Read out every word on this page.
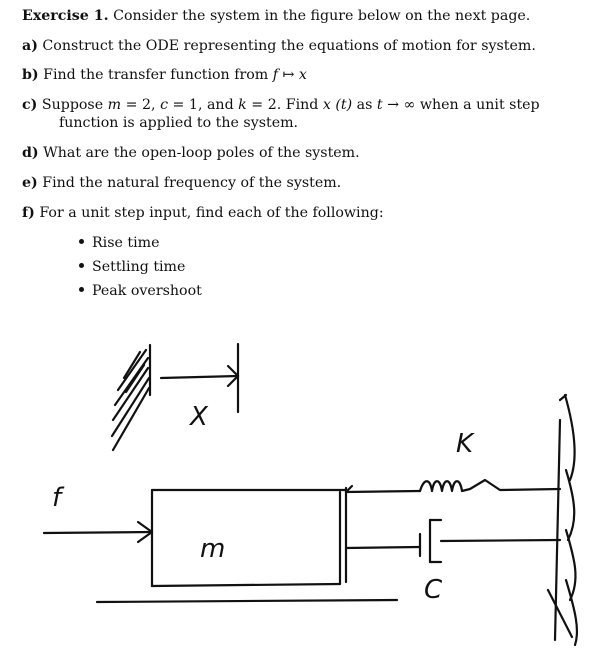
Exercise 1. Consider the system in the figure below on the next page.
a) Construct the ODE representing the equations of motion for system.
b) Find the transfer function from f ↦ x
c) Suppose m = 2, c = 1, and k = 2. Find x (t) as t → ∞ when a unit step
function is applied to the system.
d) What are the open-loop poles of the system.
e) Find the natural frequency of the system.
f) For a unit step input, find each of the following:
Rise time
Settling time
Peak overshoot
X
f
m
K
C
